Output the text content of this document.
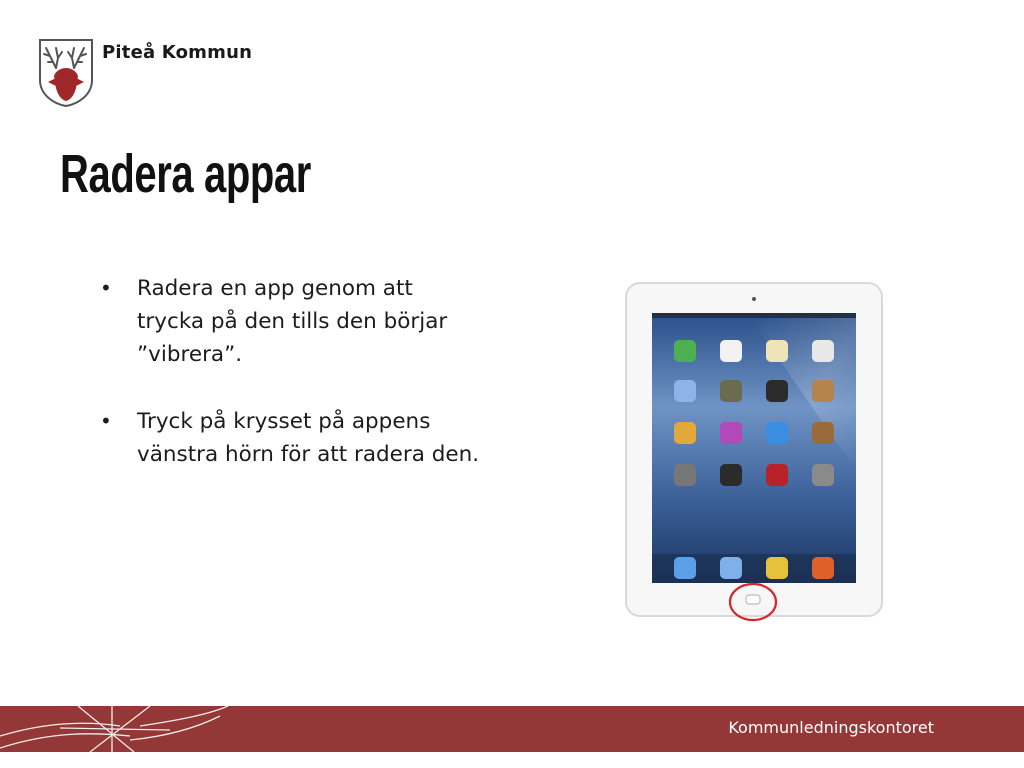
Piteå Kommun
Radera appar
• Radera en app genom att trycka på den tills den börjar ”vibrera”.
• Tryck på krysset på appens vänstra hörn för att radera den.
Kommunledningskontoret
